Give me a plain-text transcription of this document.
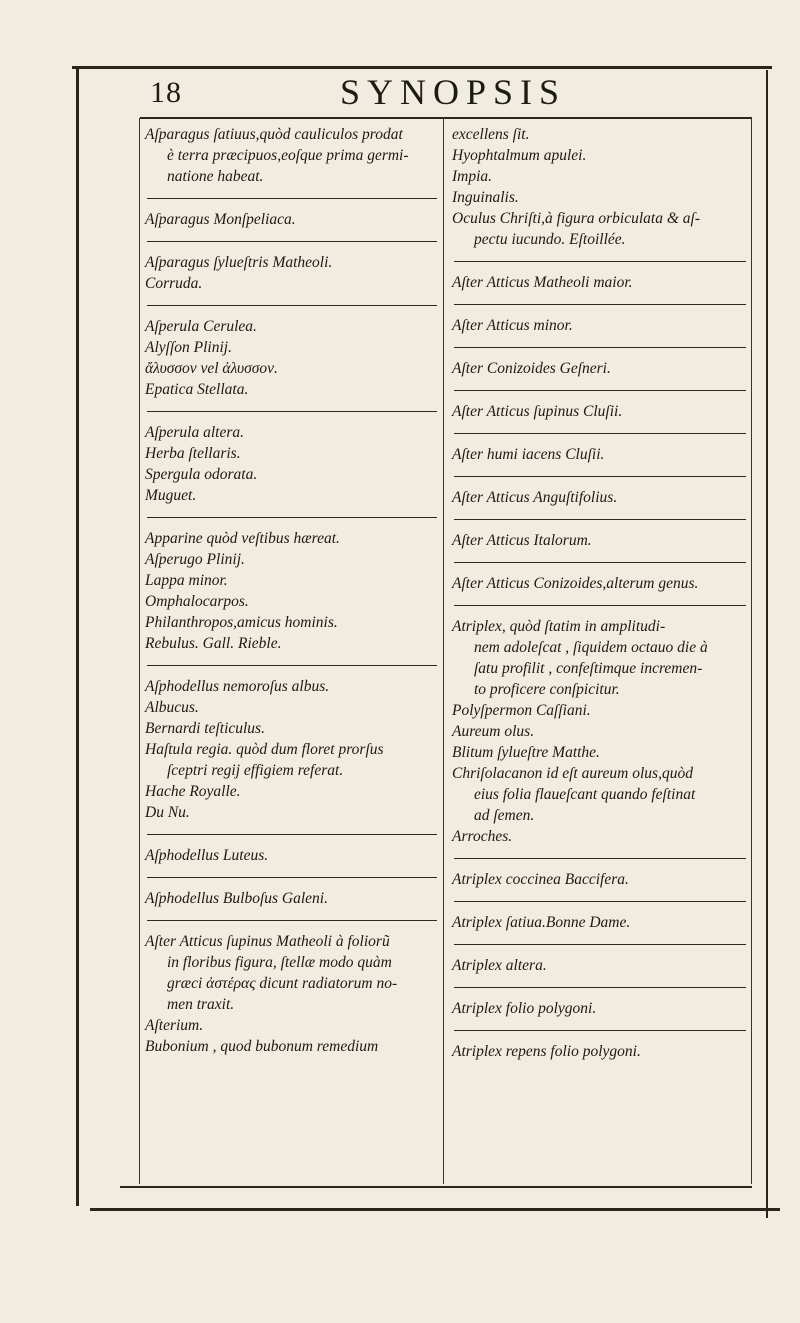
18	SYNOPSIS
Aſparagus ſatiuus,quòd cauliculos prodat
è terra præcipuos,eoſque prima germi-
natione habeat.
Aſparagus Monſpeliaca.
Aſparagus ſylueſtris Matheoli.
Corruda.
Aſperula Cerulea.
Alyſſon Plinij.
ἄλυσσον vel ἀλυσσον.
Epatica Stellata.
Aſperula altera.
Herba ſtellaris.
Spergula odorata.
Muguet.
Apparine quòd veſtibus hæreat.
Aſperugo Plinij.
Lappa minor.
Omphalocarpos.
Philanthropos,amicus hominis.
Rebulus. Gall. Rieble.
Aſphodellus nemoroſus albus.
Albucus.
Bernardi teſticulus.
Haſtula regia. quòd dum floret prorſus
ſceptri regij effigiem referat.
Hache Royalle.
Du Nu.
Aſphodellus Luteus.
Aſphodellus Bulboſus Galeni.
Aſter Atticus ſupinus Matheoli à foliorũ
in floribus figura, ſtellæ modo quàm
græci ἀστέρας dicunt radiatorum no-
men traxit.
Aſterium.
Bubonium , quod bubonum remedium
excellens ſit.
Hyophtalmum apulei.
Impia.
Inguinalis.
Oculus Chriſti,à figura orbiculata & aſ-
pectu iucundo. Eſtoillée.
Aſter Atticus Matheoli maior.
Aſter Atticus minor.
Aſter Conizoides Geſneri.
Aſter Atticus ſupinus Cluſii.
Aſter humi iacens Cluſii.
Aſter Atticus Anguſtifolius.
Aſter Atticus Italorum.
Aſter Atticus Conizoides,alterum genus.
Atriplex, quòd ſtatim in amplitudi-
nem adoleſcat , ſiquidem octauo die à
ſatu profilit , confeſtimque incremen-
to proficere conſpicitur.
Polyſpermon Caſſiani.
Aureum olus.
Blitum ſylueſtre Matthe.
Chriſolacanon id eſt aureum olus,quòd
eius folia flaueſcant quando feſtinat
ad ſemen.
Arroches.
Atriplex coccinea Baccifera.
Atriplex ſatiua.Bonne Dame.
Atriplex altera.
Atriplex folio polygoni.
Atriplex repens folio polygoni.
